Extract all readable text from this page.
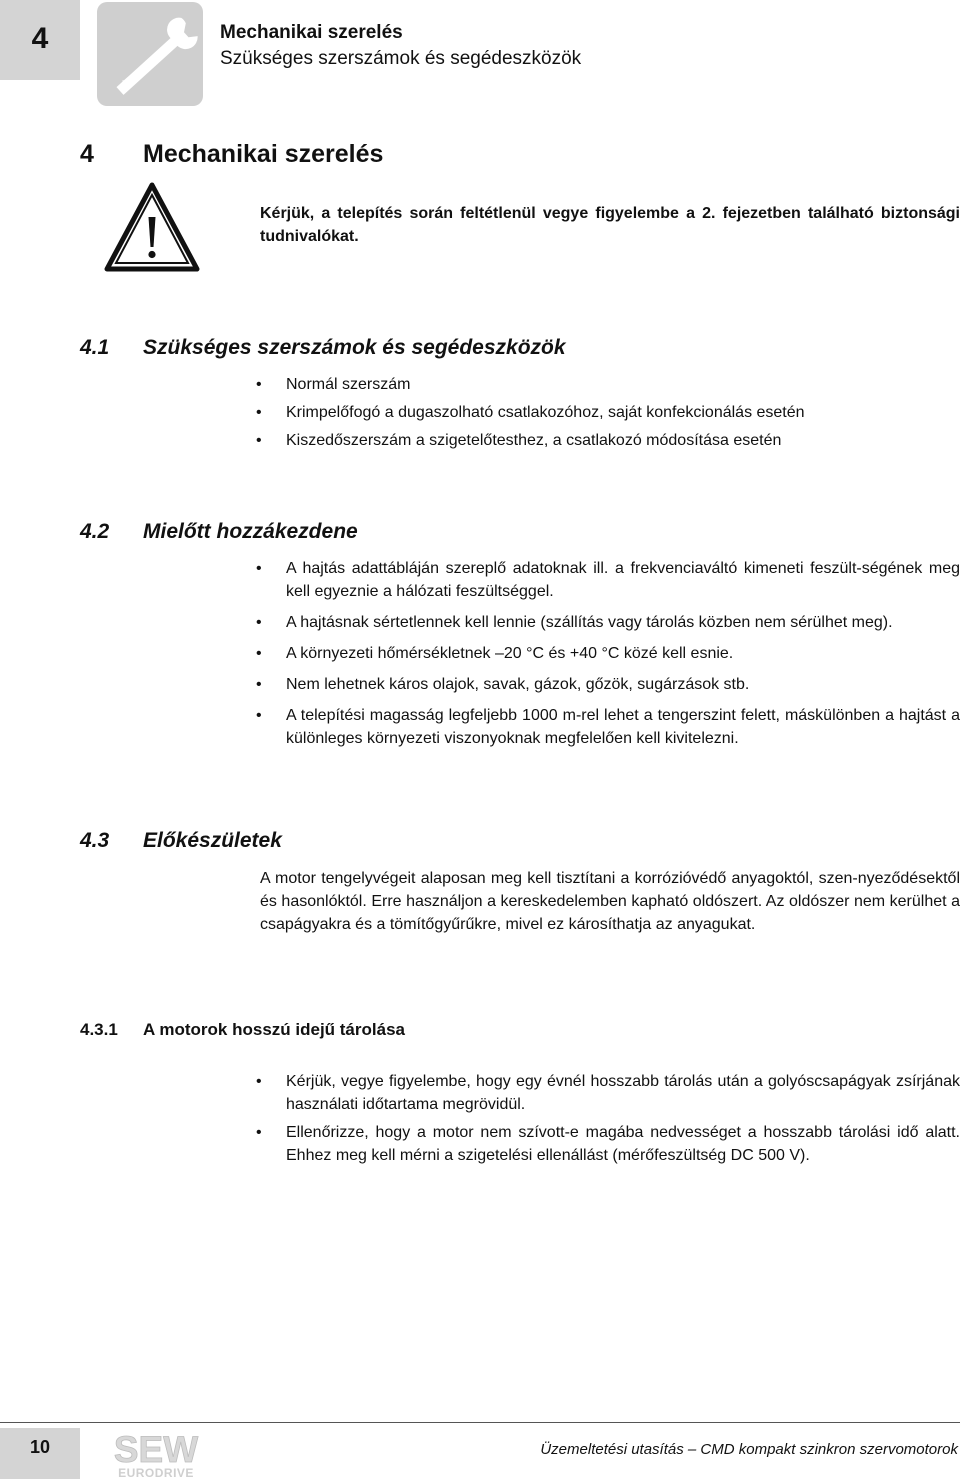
4	Mechanikai szerelés
Szükséges szerszámok és segédeszközök
4 Mechanikai szerelés
Kérjük, a telepítés során feltétlenül vegye figyelembe a 2. fejezetben található biztonsági tudnivalókat.
4.1 Szükséges szerszámok és segédeszközök
• Normál szerszám
• Krimpelőfogó a dugaszolható csatlakozóhoz, saját konfekcionálás esetén
• Kiszedőszerszám a szigetelőtesthez, a csatlakozó módosítása esetén
4.2 Mielőtt hozzákezdene
• A hajtás adattábláján szereplő adatoknak ill. a frekvenciaváltó kimeneti feszült-ségének meg kell egyeznie a hálózati feszültséggel.
• A hajtásnak sértetlennek kell lennie (szállítás vagy tárolás közben nem sérülhet meg).
• A környezeti hőmérsékletnek –20 °C és +40 °C közé kell esnie.
• Nem lehetnek káros olajok, savak, gázok, gőzök, sugárzások stb.
• A telepítési magasság legfeljebb 1000 m-rel lehet a tengerszint felett, máskülönben a hajtást a különleges környezeti viszonyoknak megfelelően kell kivitelezni.
4.3 Előkészületek
A motor tengelyvégeit alaposan meg kell tisztítani a korrózióvédő anyagoktól, szen-nyeződésektől és hasonlóktól. Erre használjon a kereskedelemben kapható oldószert. Az oldószer nem kerülhet a csapágyakra és a tömítőgyűrűkre, mivel ez károsíthatja az anyagukat.
4.3.1 A motorok hosszú idejű tárolása
• Kérjük, vegye figyelembe, hogy egy évnél hosszabb tárolás után a golyóscsapágyak zsírjának használati időtartama megrövidül.
• Ellenőrizze, hogy a motor nem szívott-e magába nedvességet a hosszabb tárolási idő alatt. Ehhez meg kell mérni a szigetelési ellenállást (mérőfeszültség DC 500 V).
10	SEW
EURODRIVE
Üzemeltetési utasítás – CMD kompakt szinkron szervomotorok
